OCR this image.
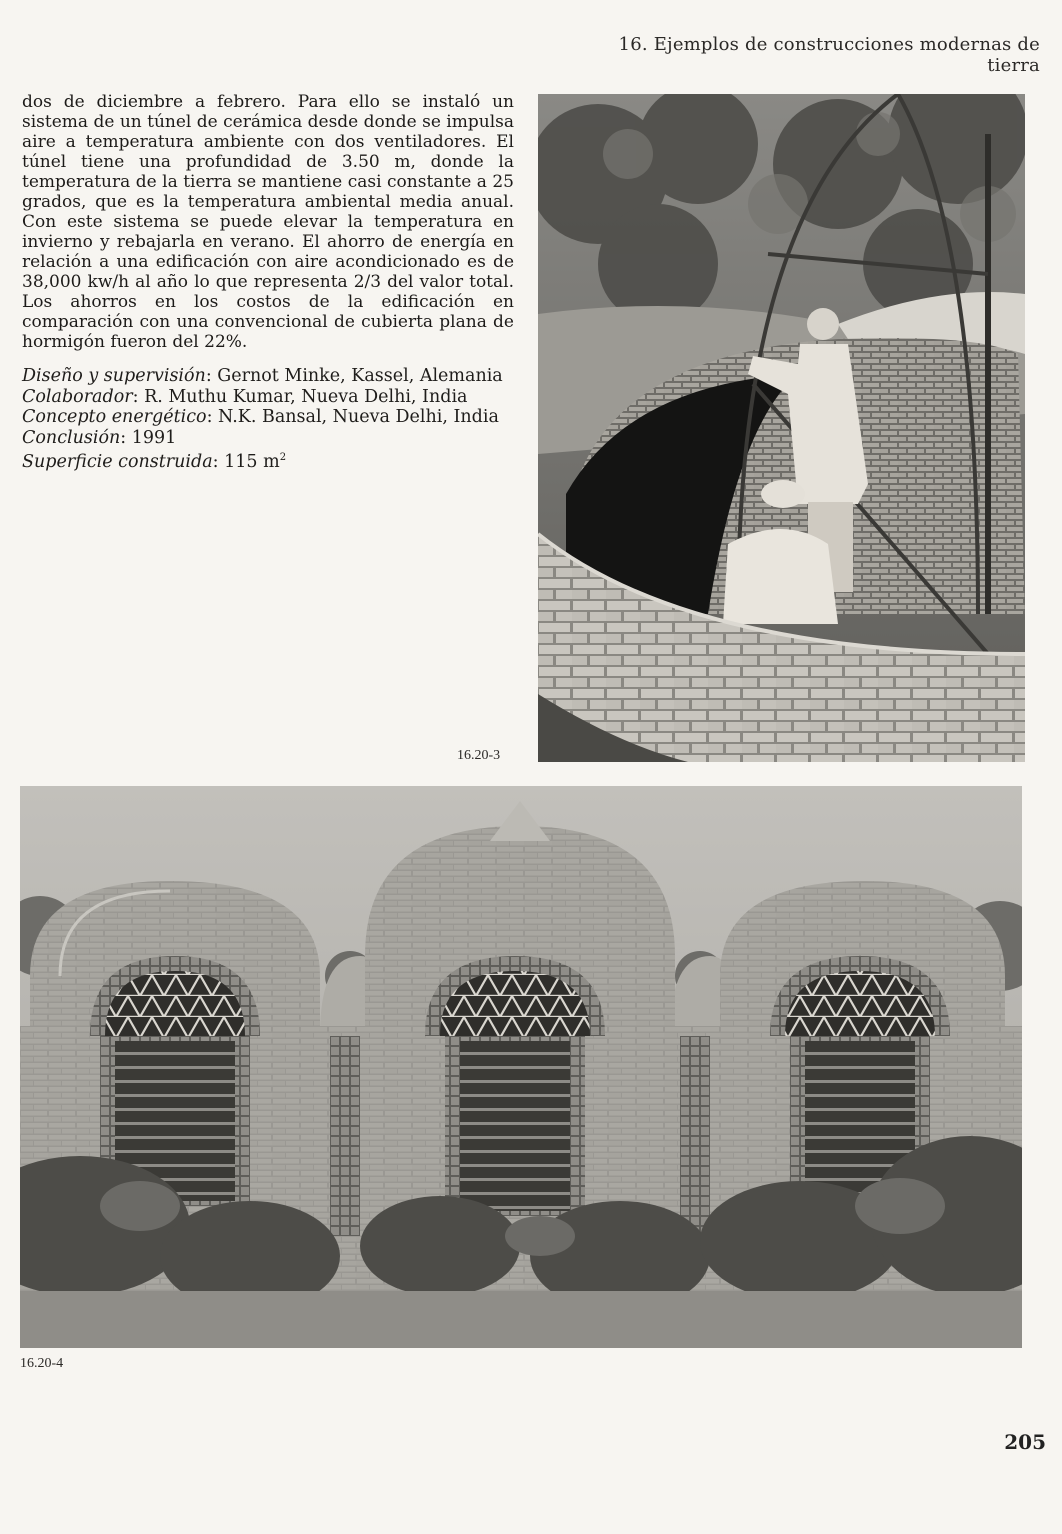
16. Ejemplos de construcciones modernas de tierra
dos de diciembre a febrero. Para ello se instaló un sistema de un túnel de cerámica desde donde se impulsa aire a temperatura ambiente con dos ventiladores. El túnel tiene una profundidad de 3.50 m, donde la temperatura de la tierra se mantiene casi constante a 25 grados, que es la temperatura ambiental media anual. Con este sistema se puede elevar la temperatura en invierno y rebajarla en verano. El ahorro de energía en relación a una edificación con aire acondicionado es de 38,000 kw/h al año lo que representa 2/3 del valor total. Los ahorros en los costos de la edificación en comparación con una convencional de cubierta plana de hormigón fueron del 22%.
Diseño y supervisión: Gernot Minke, Kassel, Alemania
Colaborador: R. Muthu Kumar, Nueva Delhi, India
Concepto energético: N.K. Bansal, Nueva Delhi, India
Conclusión: 1991
Superficie construida: 115 $m^2$
16.20-3
16.20-4
205
